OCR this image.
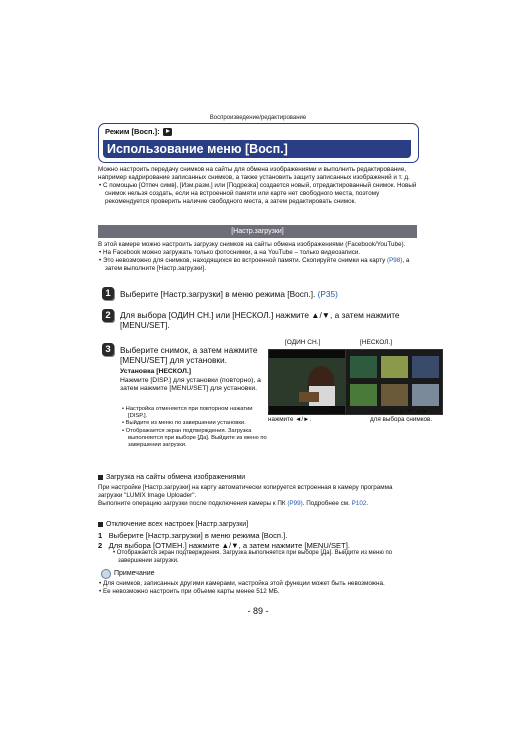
Воспроизведение/редактирование
Режим [Восп.]:
Использование меню [Восп.]
Можно настроить передачу снимков на сайты для обмена изображениями и выполнить редактирование, например кадрирование записанных снимков, а также установить защиту записанных изображений и т. д.
• С помощью [Отпеч симв], [Изм.разм.] или [Подрезка] создается новый, отредактированный снимок. Новый снимок нельзя создать, если на встроенной памяти или карте нет свободного места, поэтому рекомендуется проверить наличие свободного места, а затем редактировать снимок.
[Настр.загрузки]
В этой камере можно настроить загрузку снимков на сайты обмена изображениями (Facebook/YouTube).
• На Facebook можно загружать только фотоснимки, а на YouTube – только видеозаписи.
• Это невозможно для снимков, находящихся во встроенной памяти. Скопируйте снимки на карту (P98), а затем выполните [Настр.загрузки].
1	Выберите [Настр.загрузки] в меню режима [Восп.]. (P35)
2	Для выбора [ОДИН СН.] или [НЕСКОЛ.] нажмите ▲/▼, а затем нажмите [MENU/SET].
3	Выберите снимок, а затем нажмите [MENU/SET] для установки.
Установка [НЕСКОЛ.]
Нажмите [DISP.] для установки (повторно), а затем нажмите [MENU/SET] для установки.
• Настройка отменяется при повторном нажатии [DISP.].
• Выйдите из меню по завершении установки.
• Отображается экран подтверждения. Загрузка выполняется при выборе [Да]. Выйдите из меню по завершении загрузки.
[ОДИН СН.]	[НЕСКОЛ.]
Для выбора снимка нажмите ◄/►.
Нажмите ▲/▼/◄/► для выбора снимков.
Загрузка на сайты обмена изображениями
При настройке [Настр.загрузки] на карту автоматически копируется встроенная в камеру программа загрузки "LUMIX Image Uploader".
Выполните операцию загрузки после подключения камеры к ПК (P99). Подробнее см. P102.
Отключение всех настроек [Настр.загрузки]
1 Выберите [Настр.загрузки] в меню режима [Восп.].
2 Для выбора [ОТМЕН.] нажмите ▲/▼, а затем нажмите [MENU/SET].
• Отображается экран подтверждения. Загрузка выполняется при выборе [Да]. Выйдите из меню по завершении загрузки.
Примечание
• Для снимков, записанных другими камерами, настройка этой функции может быть невозможна.
• Ее невозможно настроить при объеме карты менее 512 МБ.
- 89 -
